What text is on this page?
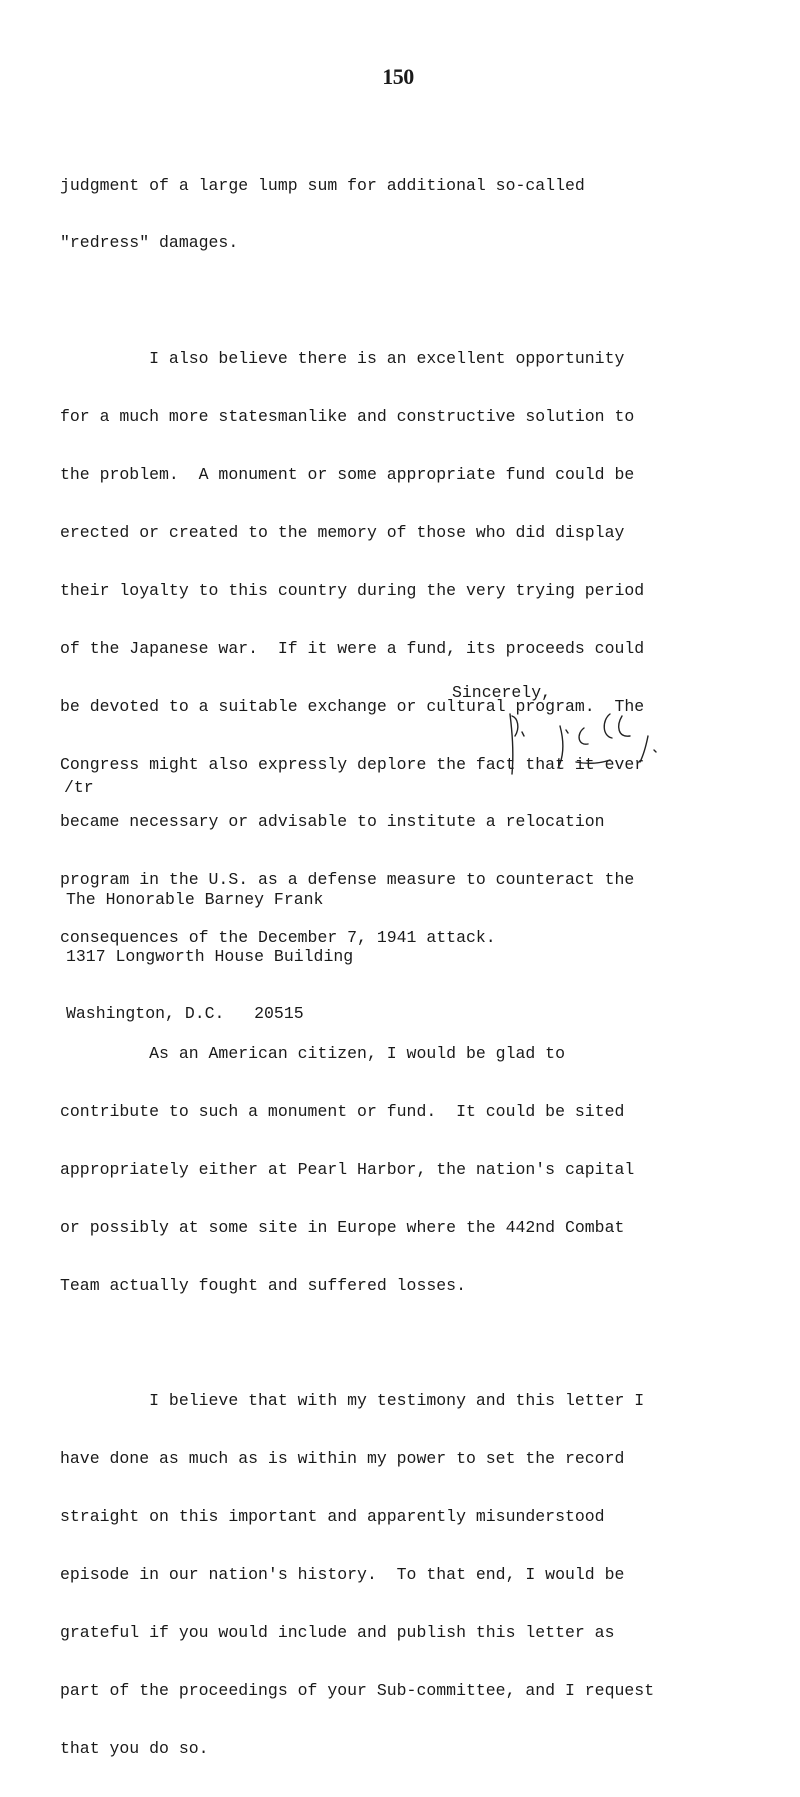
150

judgment of a large lump sum for additional so-called

"redress" damages.

I also believe there is an excellent opportunity

for a much more statesmanlike and constructive solution to

the problem.  A monument or some appropriate fund could be

erected or created to the memory of those who did display

their loyalty to this country during the very trying period

of the Japanese war.  If it were a fund, its proceeds could

be devoted to a suitable exchange or cultural program.  The

Congress might also expressly deplore the fact that it ever

became necessary or advisable to institute a relocation

program in the U.S. as a defense measure to counteract the

consequences of the December 7, 1941 attack.

As an American citizen, I would be glad to

contribute to such a monument or fund.  It could be sited

appropriately either at Pearl Harbor, the nation's capital

or possibly at some site in Europe where the 442nd Combat

Team actually fought and suffered losses.

I believe that with my testimony and this letter I

have done as much as is within my power to set the record

straight on this important and apparently misunderstood

episode in our nation's history.  To that end, I would be

grateful if you would include and publish this letter as

part of the proceedings of your Sub-committee, and I request

that you do so.

Sincerely,
/tr

The Honorable Barney Frank

1317 Longworth House Building

Washington, D.C.   20515
